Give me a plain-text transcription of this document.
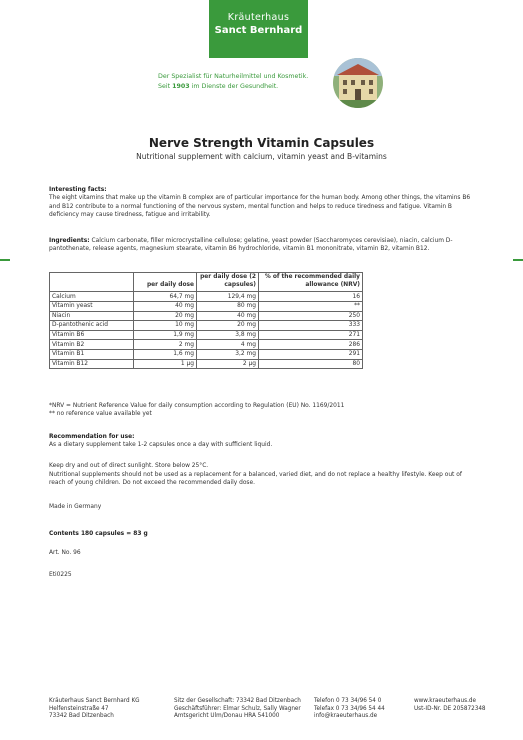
Kräuterhaus
Sanct Bernhard
Der Spezialist für Naturheilmittel und Kosmetik.
Seit 1903 im Dienste der Gesundheit.
Nerve Strength Vitamin Capsules
Nutritional supplement with calcium, vitamin yeast and B-vitamins
Interesting facts:
The eight vitamins that make up the vitamin B complex are of particular importance for the human body. Among other things, the vitamins B6 and B12 contribute to a normal functioning of the nervous system, mental function and helps to reduce tiredness and fatigue. Vitamin B deficiency may cause tiredness, fatigue and irritability.
Ingredients: Calcium carbonate, filler microcrystalline cellulose; gelatine, yeast powder (Saccharomyces cerevisiae), niacin, calcium D-pantothenate, release agents, magnesium stearate, vitamin B6 hydrochloride, vitamin B1 mononitrate, vitamin B2, vitamin B12.
	per daily dose	per daily dose (2 capsules)	% of the recommended daily allowance (NRV)
Calcium	64,7 mg	129,4 mg	16
Vitamin yeast	40 mg	80 mg	**
Niacin	20 mg	40 mg	250
D-pantothenic acid	10 mg	20 mg	333
Vitamin B6	1,9 mg	3,8 mg	271
Vitamin B2	2 mg	4 mg	286
Vitamin B1	1,6 mg	3,2 mg	291
Vitamin B12	1 µg	2 µg	80
*NRV = Nutrient Reference Value for daily consumption according to Regulation (EU) No. 1169/2011
** no reference value available yet
Recommendation for use:
As a dietary supplement take 1-2 capsules once a day with sufficient liquid.
Keep dry and out of direct sunlight. Store below 25°C.
Nutritional supplements should not be used as a replacement for a balanced, varied diet, and do not replace a healthy lifestyle. Keep out of reach of young children. Do not exceed the recommended daily dose.
Made in Germany
Contents 180 capsules = 83 g
Art. No. 96
Eti0225
Kräuterhaus Sanct Bernhard KG
Helfensteinstraße 47
73342 Bad Ditzenbach
Sitz der Gesellschaft: 73342 Bad Ditzenbach
Geschäftsführer: Elmar Schulz, Sally Wagner
Amtsgericht Ulm/Donau HRA 541000
Telefon 0 73 34/96 54 0
Telefax 0 73 34/96 54 44
info@kraeuterhaus.de
www.kraeuterhaus.de
Ust-ID-Nr. DE 205872348
